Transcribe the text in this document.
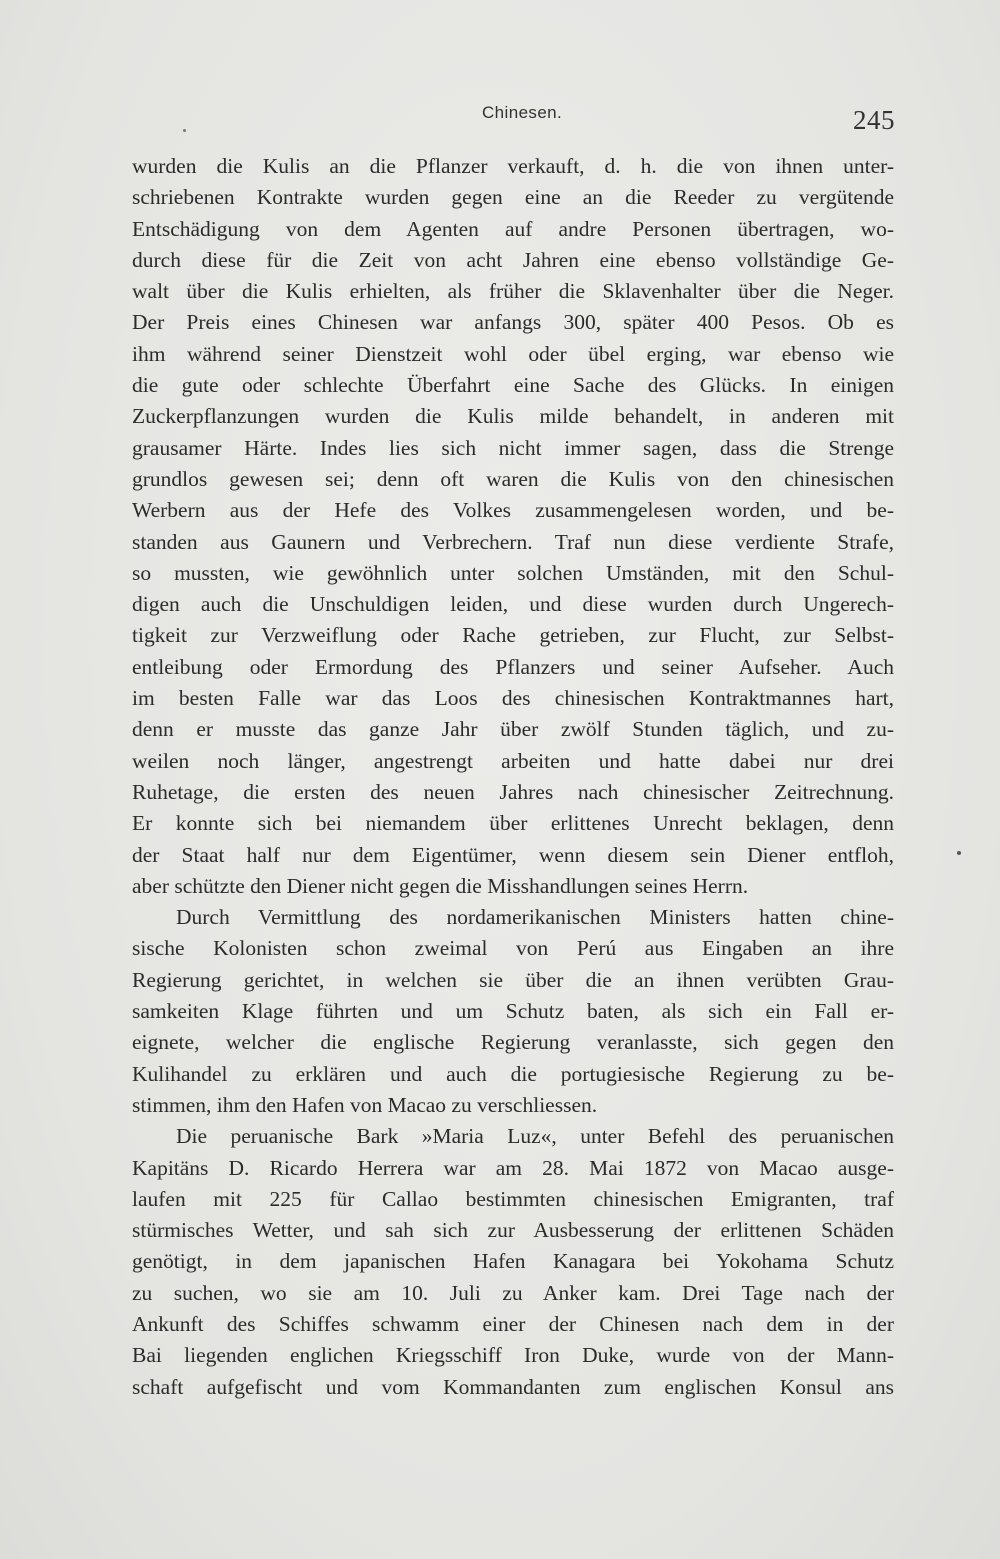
Chinesen.	245
wurden die Kulis an die Pflanzer verkauft, d. h. die von ihnen unter-
schriebenen Kontrakte wurden gegen eine an die Reeder zu vergütende
Entschädigung von dem Agenten auf andre Personen übertragen, wo-
durch diese für die Zeit von acht Jahren eine ebenso vollständige Ge-
walt über die Kulis erhielten, als früher die Sklavenhalter über die Neger.
Der Preis eines Chinesen war anfangs 300, später 400 Pesos. Ob es
ihm während seiner Dienstzeit wohl oder übel erging, war ebenso wie
die gute oder schlechte Überfahrt eine Sache des Glücks. In einigen
Zuckerpflanzungen wurden die Kulis milde behandelt, in anderen mit
grausamer Härte. Indes lies sich nicht immer sagen, dass die Strenge
grundlos gewesen sei; denn oft waren die Kulis von den chinesischen
Werbern aus der Hefe des Volkes zusammengelesen worden, und be-
standen aus Gaunern und Verbrechern. Traf nun diese verdiente Strafe,
so mussten, wie gewöhnlich unter solchen Umständen, mit den Schul-
digen auch die Unschuldigen leiden, und diese wurden durch Ungerech-
tigkeit zur Verzweiflung oder Rache getrieben, zur Flucht, zur Selbst-
entleibung oder Ermordung des Pflanzers und seiner Aufseher. Auch
im besten Falle war das Loos des chinesischen Kontraktmannes hart,
denn er musste das ganze Jahr über zwölf Stunden täglich, und zu-
weilen noch länger, angestrengt arbeiten und hatte dabei nur drei
Ruhetage, die ersten des neuen Jahres nach chinesischer Zeitrechnung.
Er konnte sich bei niemandem über erlittenes Unrecht beklagen, denn
der Staat half nur dem Eigentümer, wenn diesem sein Diener entfloh,
aber schützte den Diener nicht gegen die Misshandlungen seines Herrn.
Durch Vermittlung des nordamerikanischen Ministers hatten chine-
sische Kolonisten schon zweimal von Perú aus Eingaben an ihre
Regierung gerichtet, in welchen sie über die an ihnen verübten Grau-
samkeiten Klage führten und um Schutz baten, als sich ein Fall er-
eignete, welcher die englische Regierung veranlasste, sich gegen den
Kulihandel zu erklären und auch die portugiesische Regierung zu be-
stimmen, ihm den Hafen von Macao zu verschliessen.
Die peruanische Bark »Maria Luz«, unter Befehl des peruanischen
Kapitäns D. Ricardo Herrera war am 28. Mai 1872 von Macao ausge-
laufen mit 225 für Callao bestimmten chinesischen Emigranten, traf
stürmisches Wetter, und sah sich zur Ausbesserung der erlittenen Schäden
genötigt, in dem japanischen Hafen Kanagara bei Yokohama Schutz
zu suchen, wo sie am 10. Juli zu Anker kam. Drei Tage nach der
Ankunft des Schiffes schwamm einer der Chinesen nach dem in der
Bai liegenden englichen Kriegsschiff Iron Duke, wurde von der Mann-
schaft aufgefischt und vom Kommandanten zum englischen Konsul ans
